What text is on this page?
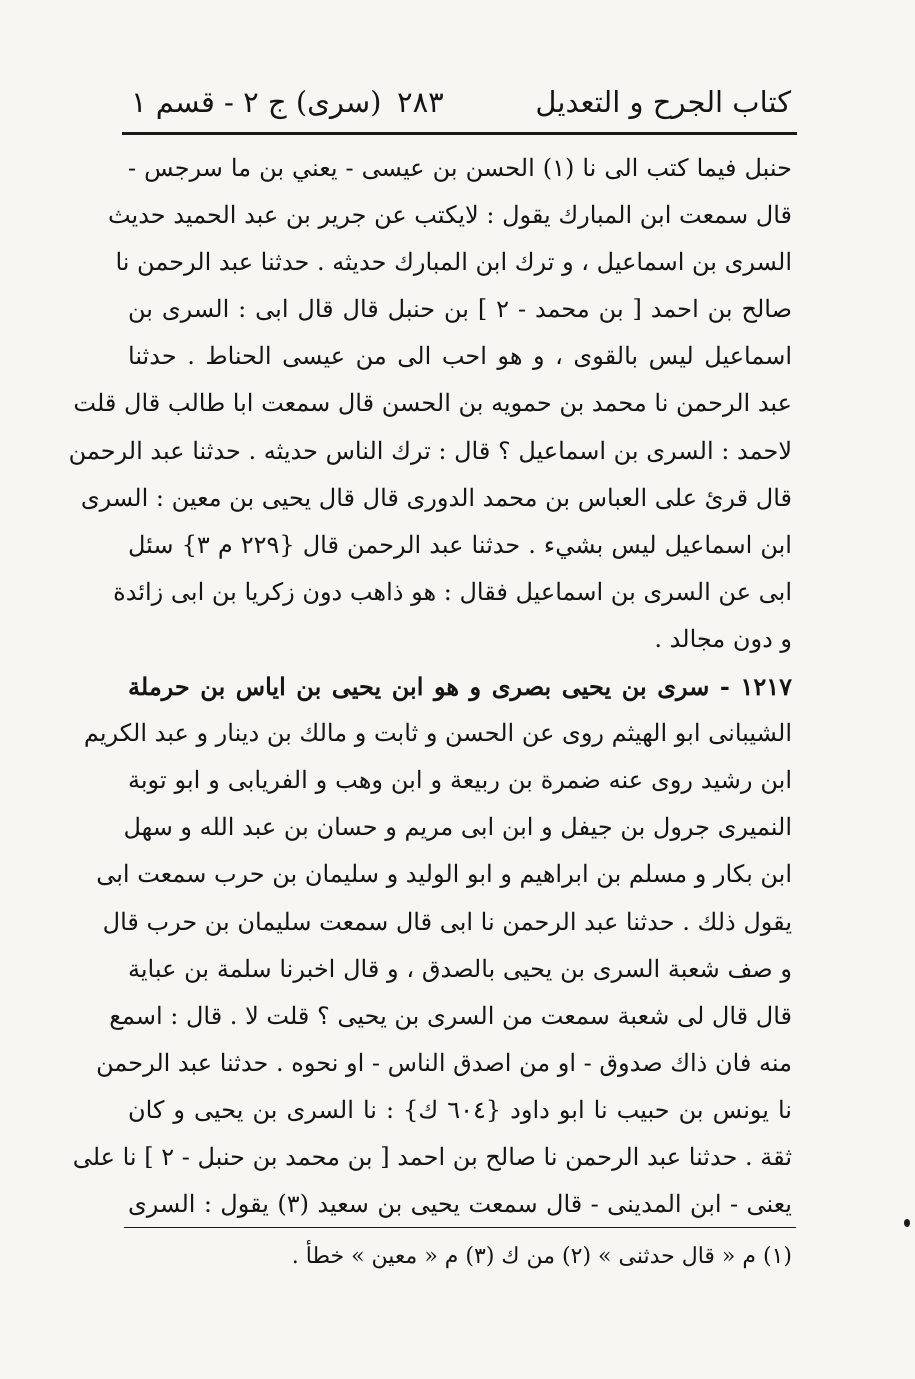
كتاب الجرح و التعديل
٢٨٣
(سرى) ج ٢ - قسم ١
حنبل فيما كتب الى نا (١) الحسن بن عيسى - يعني بن ما سرجس -
قال سمعت ابن المبارك يقول : لايكتب عن جرير بن عبد الحميد حديث
السرى بن اسماعيل ، و ترك ابن المبارك حديثه . حدثنا عبد الرحمن نا
صالح بن احمد [ بن محمد - ٢ ] بن حنبل قال قال ابى : السرى بن
اسماعيل ليس بالقوى ، و هو احب الى من عيسى الحناط . حدثنا
عبد الرحمن نا محمد بن حمويه بن الحسن قال سمعت ابا طالب قال قلت
لاحمد : السرى بن اسماعيل ؟ قال : ترك الناس حديثه . حدثنا عبد الرحمن
قال قرئ على العباس بن محمد الدورى قال قال يحيى بن معين : السرى
ابن اسماعيل ليس بشيء . حدثنا عبد الرحمن قال {٢٢٩ م ٣} سئل
ابى عن السرى بن اسماعيل فقال : هو ذاهب دون زكريا بن ابى زائدة
و دون مجالد .
١٢١٧ - سرى بن يحيى بصرى و هو ابن يحيى بن اياس بن حرملة
الشيبانى ابو الهيثم روى عن الحسن و ثابت و مالك بن دينار و عبد الكريم
ابن رشيد روى عنه ضمرة بن ربيعة و ابن وهب و الفريابى و ابو توبة
النميرى جرول بن جيفل و ابن ابى مريم و حسان بن عبد الله و سهل
ابن بكار و مسلم بن ابراهيم و ابو الوليد و سليمان بن حرب سمعت ابى
يقول ذلك . حدثنا عبد الرحمن نا ابى قال سمعت سليمان بن حرب قال
و صف شعبة السرى بن يحيى بالصدق ، و قال اخبرنا سلمة بن عباية
قال قال لى شعبة سمعت من السرى بن يحيى ؟ قلت لا . قال : اسمع
منه فان ذاك صدوق - او من اصدق الناس - او نحوه . حدثنا عبد الرحمن
نا يونس بن حبيب نا ابو داود {٦٠٤ ك} : نا السرى بن يحيى و كان
ثقة . حدثنا عبد الرحمن نا صالح بن احمد [ بن محمد بن حنبل - ٢ ] نا على
يعنى - ابن المدينى - قال سمعت يحيى بن سعيد (٣) يقول : السرى
(١) م « قال حدثنى » (٢) من ك (٣) م « معين » خطأ .
